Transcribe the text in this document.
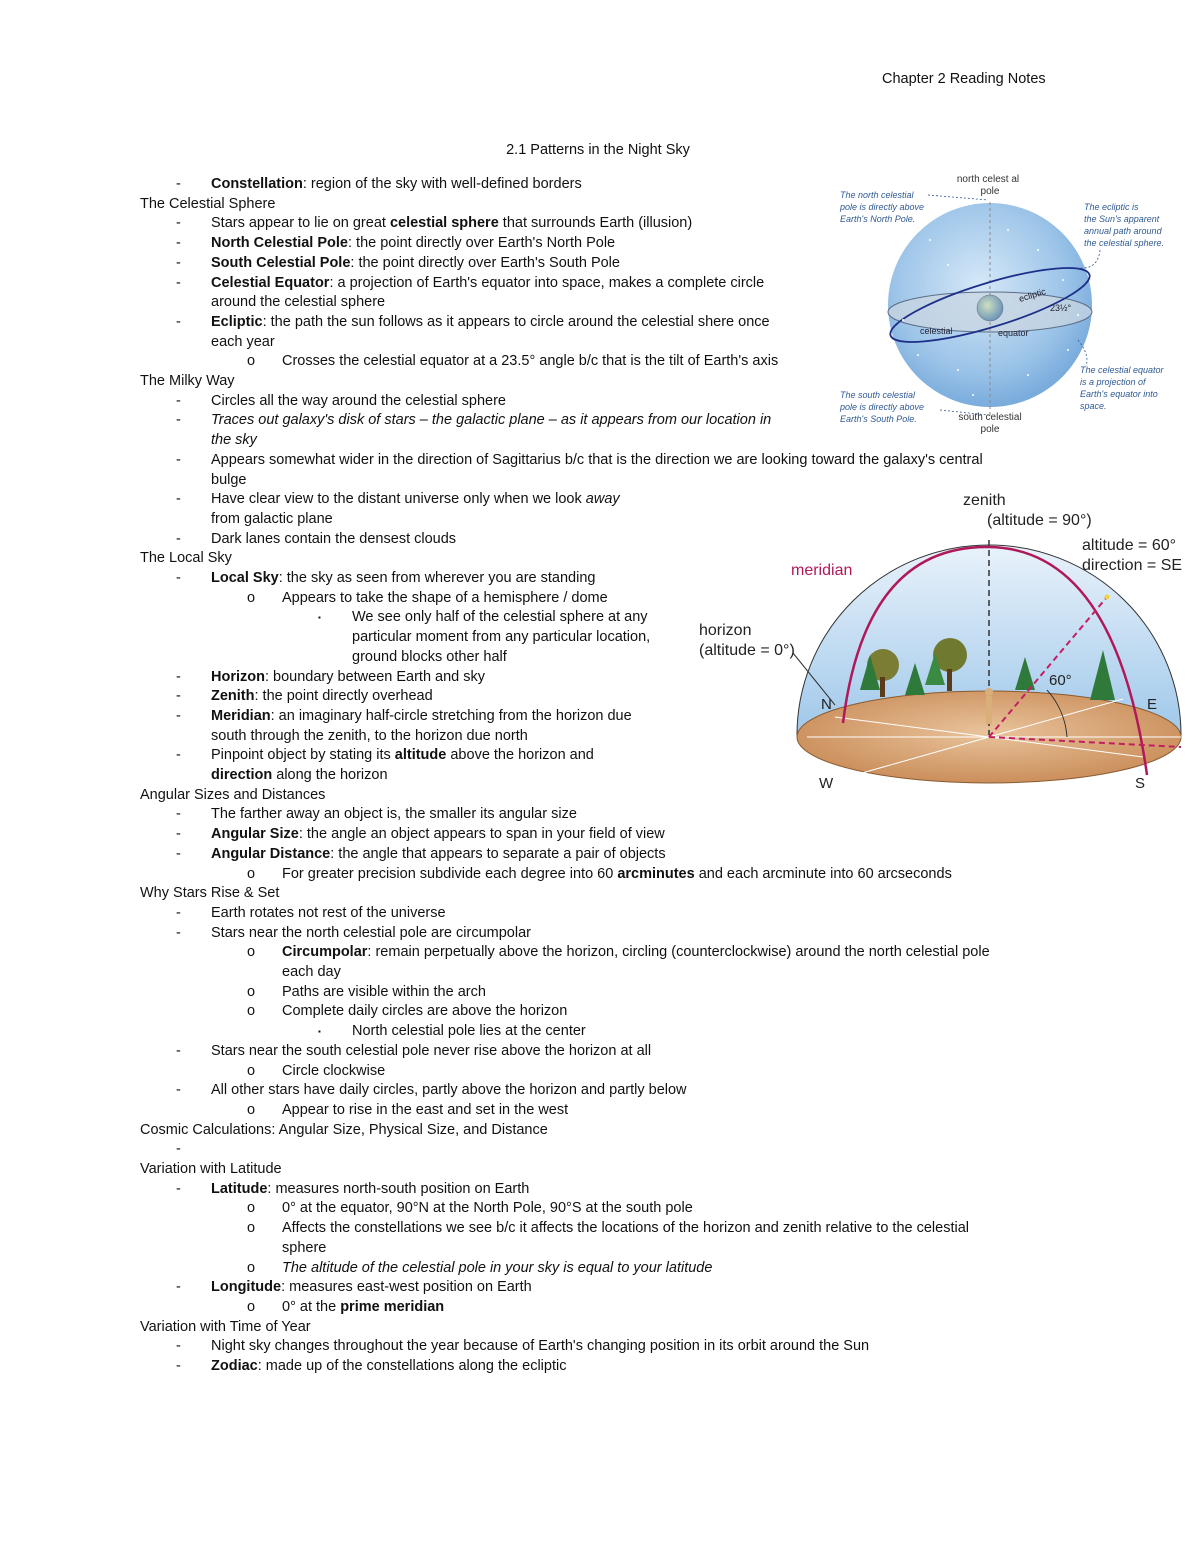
Chapter 2 Reading Notes
2.1 Patterns in the Night Sky
- Constellation: region of the sky with well-defined borders
The Celestial Sphere
- Stars appear to lie on great celestial sphere that surrounds Earth (illusion)
- North Celestial Pole: the point directly over Earth's North Pole
- South Celestial Pole: the point directly over Earth's South Pole
- Celestial Equator: a projection of Earth's equator into space, makes a complete circle
around the celestial sphere
- Ecliptic: the path the sun follows as it appears to circle around the celestial shere once
each year
o Crosses the celestial equator at a 23.5° angle b/c that is the tilt of Earth's axis
The Milky Way
- Circles all the way around the celestial sphere
- Traces out galaxy's disk of stars – the galactic plane – as it appears from our location in
the sky
- Appears somewhat wider in the direction of Sagittarius b/c that is the direction we are looking toward the galaxy's central
bulge
- Have clear view to the distant universe only when we look away
from galactic plane
- Dark lanes contain the densest clouds
The Local Sky
- Local Sky: the sky as seen from wherever you are standing
o Appears to take the shape of a hemisphere / dome
▪ We see only half of the celestial sphere at any
particular moment from any particular location,
ground blocks other half
- Horizon: boundary between Earth and sky
- Zenith: the point directly overhead
- Meridian: an imaginary half-circle stretching from the horizon due
south through the zenith, to the horizon due north
- Pinpoint object by stating its altitude above the horizon and
direction along the horizon
Angular Sizes and Distances
- The farther away an object is, the smaller its angular size
- Angular Size: the angle an object appears to span in your field of view
- Angular Distance: the angle that appears to separate a pair of objects
o For greater precision subdivide each degree into 60 arcminutes and each arcminute into 60 arcseconds
Why Stars Rise & Set
- Earth rotates not rest of the universe
- Stars near the north celestial pole are circumpolar
o Circumpolar: remain perpetually above the horizon, circling (counterclockwise) around the north celestial pole
each day
o Paths are visible within the arch
o Complete daily circles are above the horizon
▪ North celestial pole lies at the center
- Stars near the south celestial pole never rise above the horizon at all
o Circle clockwise
- All other stars have daily circles, partly above the horizon and partly below
o Appear to rise in the east and set in the west
Cosmic Calculations: Angular Size, Physical Size, and Distance
-
Variation with Latitude
- Latitude: measures north-south position on Earth
o 0° at the equator, 90°N at the North Pole, 90°S at the south pole
o Affects the constellations we see b/c it affects the locations of the horizon and zenith relative to the celestial
sphere
o The altitude of the celestial pole in your sky is equal to your latitude
- Longitude: measures east-west position on Earth
o 0° at the prime meridian
Variation with Time of Year
- Night sky changes throughout the year because of Earth's changing position in its orbit around the Sun
- Zodiac: made up of the constellations along the ecliptic
north celest al
pole
The north celestial
pole is directly above
Earth's North Pole.
The ecliptic is
the Sun's apparent
annual path around
the celestial sphere.
ecliptic
23½°
celestial	equator
The south celestial
pole is directly above
Earth's South Pole.
The celestial equator
is a projection of
Earth's equator into
space.
south celestial
pole
zenith
(altitude = 90°)
altitude = 60°
direction = SE
meridian
horizon
(altitude = 0°)
60°
N	E
W	S
